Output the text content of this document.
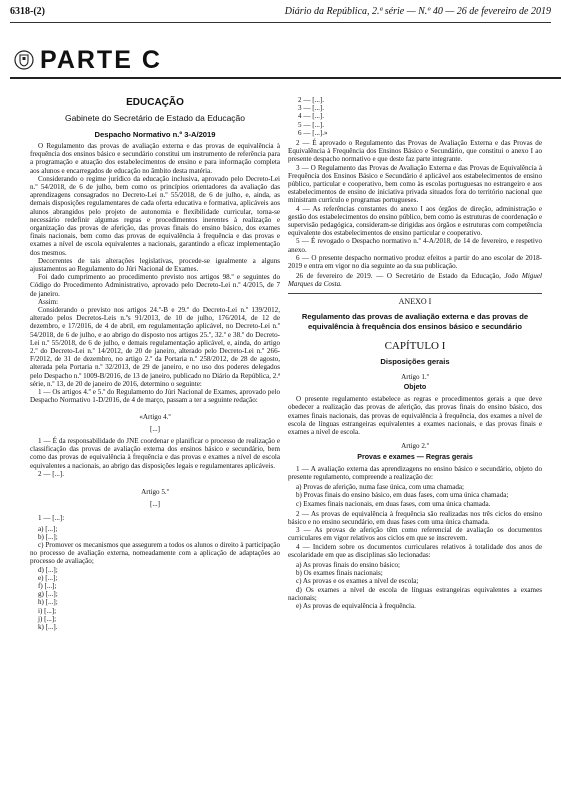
6318-(2)	Diário da República, 2.ª série — N.º 40 — 26 de fevereiro de 2019
PARTE C
EDUCAÇÃO
Gabinete do Secretário de Estado da Educação
Despacho Normativo n.º 3-A/2019

O Regulamento das provas de avaliação externa e das provas de equivalência à frequência dos ensinos básico e secundário constitui um instrumento de referência para a programação e atuação dos estabelecimentos de ensino e para informação completa aos alunos e encarregados de educação no âmbito desta matéria.

Considerando o regime jurídico da educação inclusiva, aprovado pelo Decreto-Lei n.º 54/2018, de 6 de julho, bem como os princípios orientadores da avaliação das aprendizagens consagrados no Decreto-Lei n.º 55/2018, de 6 de julho, e, ainda, as demais disposições regulamentares de cada oferta educativa e formativa, aplicáveis aos alunos abrangidos pelo projeto de autonomia e flexibilidade curricular, torna-se necessário redefinir algumas regras e procedimentos inerentes à realização e organização das provas de aferição, das provas finais do ensino básico, dos exames finais nacionais, bem como das provas de equivalência à frequência e das provas e exames a nível de escola equivalentes a nacionais, garantindo a eficaz implementação dos mesmos.

Decorrentes de tais alterações legislativas, procede-se igualmente a alguns ajustamentos ao Regulamento do Júri Nacional de Exames.

Foi dado cumprimento ao procedimento previsto nos artigos 98.º e seguintes do Código do Procedimento Administrativo, aprovado pelo Decreto-Lei n.º 4/2015, de 7 de janeiro.

Assim:

Considerando o previsto nos artigos 24.º-B e 29.º do Decreto-Lei n.º 139/2012, alterado pelos Decretos-Leis n.ºs 91/2013, de 10 de julho, 176/2014, de 12 de dezembro, e 17/2016, de 4 de abril, em regulamentação aplicável, no Decreto-Lei n.º 54/2018, de 6 de julho, e ao abrigo do disposto nos artigos 25.º, 32.º e 38.º do Decreto-Lei n.º 55/2018, de 6 de julho, e demais regulamentação aplicável, e, ainda, do artigo 2.º do Decreto-Lei n.º 14/2012, de 20 de janeiro, alterado pelo Decreto-Lei n.º 266-F/2012, de 31 de dezembro, no artigo 2.º da Portaria n.º 258/2012, de 28 de agosto, alterada pela Portaria n.º 32/2013, de 29 de janeiro, e no uso dos poderes delegados pelo Despacho n.º 1009-B/2016, de 13 de janeiro, publicado no Diário da República, 2.ª série, n.º 13, de 20 de janeiro de 2016, determino o seguinte:

1 — Os artigos 4.º e 5.º do Regulamento do Júri Nacional de Exames, aprovado pelo Despacho Normativo 1-D/2016, de 4 de março, passam a ter a seguinte redação:

«Artigo 4.º

[...]

1 — É da responsabilidade do JNE coordenar e planificar o processo de realização e classificação das provas de avaliação externa dos ensinos básico e secundário, bem como das provas de equivalência à frequência e das provas e exames a nível de escola equivalentes a nacionais, ao abrigo das disposições legais e regulamentares aplicáveis.

2 — [...].

Artigo 5.º

[...]

1 — [...]:

a) [...];

b) [...];

c) Promover os mecanismos que assegurem a todos os alunos o direito à participação no processo de avaliação externa, nomeadamente com a aplicação de adaptações ao processo de avaliação;

d) [...];

e) [...];

f) [...];

g) [...];

h) [...];

i) [...];

j) [...];

k) [...].

2 — [...].

3 — [...].

4 — [...].

5 — [...].

6 — [...].»

2 — É aprovado o Regulamento das Provas de Avaliação Externa e das Provas de Equivalência à Frequência dos Ensinos Básico e Secundário, que constitui o anexo I ao presente despacho normativo e que deste faz parte integrante.

3 — O Regulamento das Provas de Avaliação Externa e das Provas de Equivalência à Frequência dos Ensinos Básico e Secundário é aplicável aos estabelecimentos de ensino público, particular e cooperativo, bem como às escolas portuguesas no estrangeiro e aos estabelecimentos de ensino de iniciativa privada situados fora do território nacional que ministram currículo e programas portugueses.

4 — As referências constantes do anexo I aos órgãos de direção, administração e gestão dos estabelecimentos do ensino público, bem como às estruturas de coordenação e supervisão pedagógica, consideram-se dirigidas aos órgãos e estruturas com competência equivalente dos estabelecimentos de ensino particular e cooperativo.

5 — É revogado o Despacho normativo n.º 4-A/2018, de 14 de fevereiro, e respetivo anexo.

6 — O presente despacho normativo produz efeitos a partir do ano escolar de 2018-2019 e entra em vigor no dia seguinte ao da sua publicação.

26 de fevereiro de 2019. — O Secretário de Estado da Educação, João Miguel Marques da Costa.

ANEXO I

Regulamento das provas de avaliação externa e das provas de equivalência à frequência dos ensinos básico e secundário
CAPÍTULO I
Disposições gerais

Artigo 1.º

Objeto

O presente regulamento estabelece as regras e procedimentos gerais a que deve obedecer a realização das provas de aferição, das provas finais do ensino básico, dos exames finais nacionais, das provas de equivalência à frequência, dos exames a nível de escola de línguas estrangeiras equivalentes a exames nacionais, e das provas finais e exames a nível de escola.

Artigo 2.º

Provas e exames — Regras gerais

1 — A avaliação externa das aprendizagens no ensino básico e secundário, objeto do presente regulamento, compreende a realização de:

a) Provas de aferição, numa fase única, com uma chamada;

b) Provas finais do ensino básico, em duas fases, com uma única chamada;

c) Exames finais nacionais, em duas fases, com uma única chamada.

2 — As provas de equivalência à frequência são realizadas nos três ciclos do ensino básico e no ensino secundário, em duas fases com uma única chamada.

3 — As provas de aferição têm como referencial de avaliação os documentos curriculares em vigor relativos aos ciclos em que se inscrevem.

4 — Incidem sobre os documentos curriculares relativos à totalidade dos anos de escolaridade em que as disciplinas são lecionadas:

a) As provas finais do ensino básico;

b) Os exames finais nacionais;

c) As provas e os exames a nível de escola;

d) Os exames a nível de escola de línguas estrangeiras equivalentes a exames nacionais;

e) As provas de equivalência à frequência.
